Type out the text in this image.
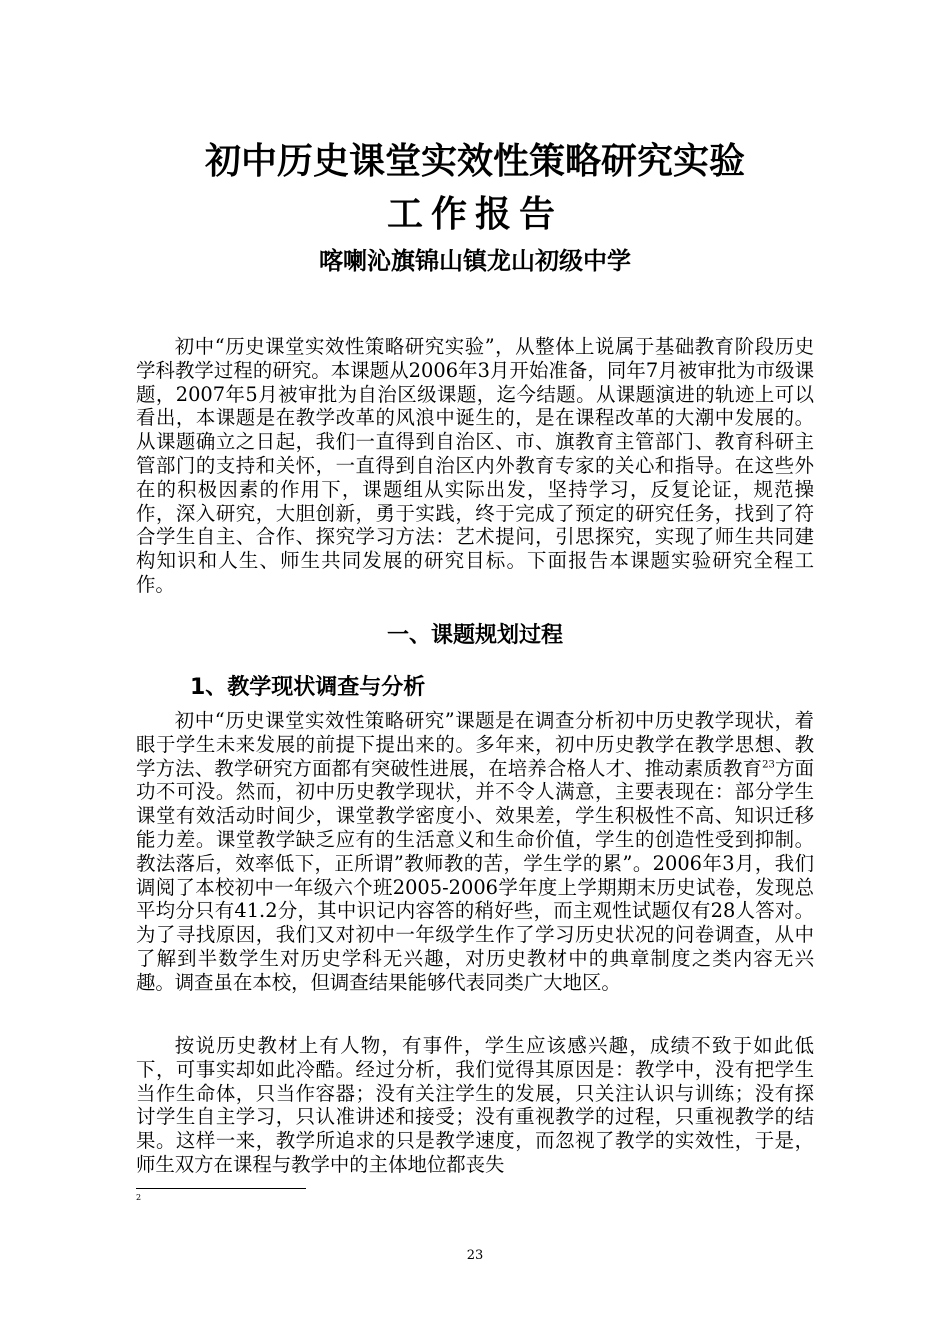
初中历史课堂实效性策略研究实验
工作报告
喀喇沁旗锦山镇龙山初级中学

初中“历史课堂实效性策略研究实验”，从整体上说属于基础教育阶段历史学科教学过程的研究。本课题从2006年3月开始准备，同年7月被审批为市级课题，2007年5月被审批为自治区级课题，迄今结题。从课题演进的轨迹上可以看出，本课题是在教学改革的风浪中诞生的，是在课程改革的大潮中发展的。从课题确立之日起，我们一直得到自治区、市、旗教育主管部门、教育科研主管部门的支持和关怀，一直得到自治区内外教育专家的关心和指导。在这些外在的积极因素的作用下，课题组从实际出发，坚持学习，反复论证，规范操作，深入研究，大胆创新，勇于实践，终于完成了预定的研究任务，找到了符合学生自主、合作、探究学习方法：艺术提问，引思探究，实现了师生共同建构知识和人生、师生共同发展的研究目标。下面报告本课题实验研究全程工作。

一、课题规划过程
1、教学现状调查与分析

初中“历史课堂实效性策略研究”课题是在调查分析初中历史教学现状，着眼于学生未来发展的前提下提出来的。多年来，初中历史教学在教学思想、教学方法、教学研究方面都有突破性进展，在培养合格人才、推动素质教育$^{23}$方面功不可没。然而，初中历史教学现状，并不令人满意，主要表现在：部分学生课堂有效活动时间少，课堂教学密度小、效果差，学生积极性不高、知识迁移能力差。课堂教学缺乏应有的生活意义和生命价值，学生的创造性受到抑制。教法落后，效率低下，正所谓”教师教的苦，学生学的累”。2006年3月，我们调阅了本校初中一年级六个班2005-2006学年度上学期期末历史试卷，发现总平均分只有41.2分，其中识记内容答的稍好些，而主观性试题仅有28人答对。为了寻找原因，我们又对初中一年级学生作了学习历史状况的问卷调查，从中了解到半数学生对历史学科无兴趣，对历史教材中的典章制度之类内容无兴趣。调查虽在本校，但调查结果能够代表同类广大地区。

按说历史教材上有人物，有事件，学生应该感兴趣，成绩不致于如此低下，可事实却如此冷酷。经过分析，我们觉得其原因是：教学中，没有把学生当作生命体，只当作容器；没有关注学生的发展，只关注认识与训练；没有探讨学生自主学习，只认准讲述和接受；没有重视教学的过程，只重视教学的结果。这样一来，教学所追求的只是教学速度，而忽视了教学的实效性，于是，师生双方在课程与教学中的主体地位都丧失

2
23
